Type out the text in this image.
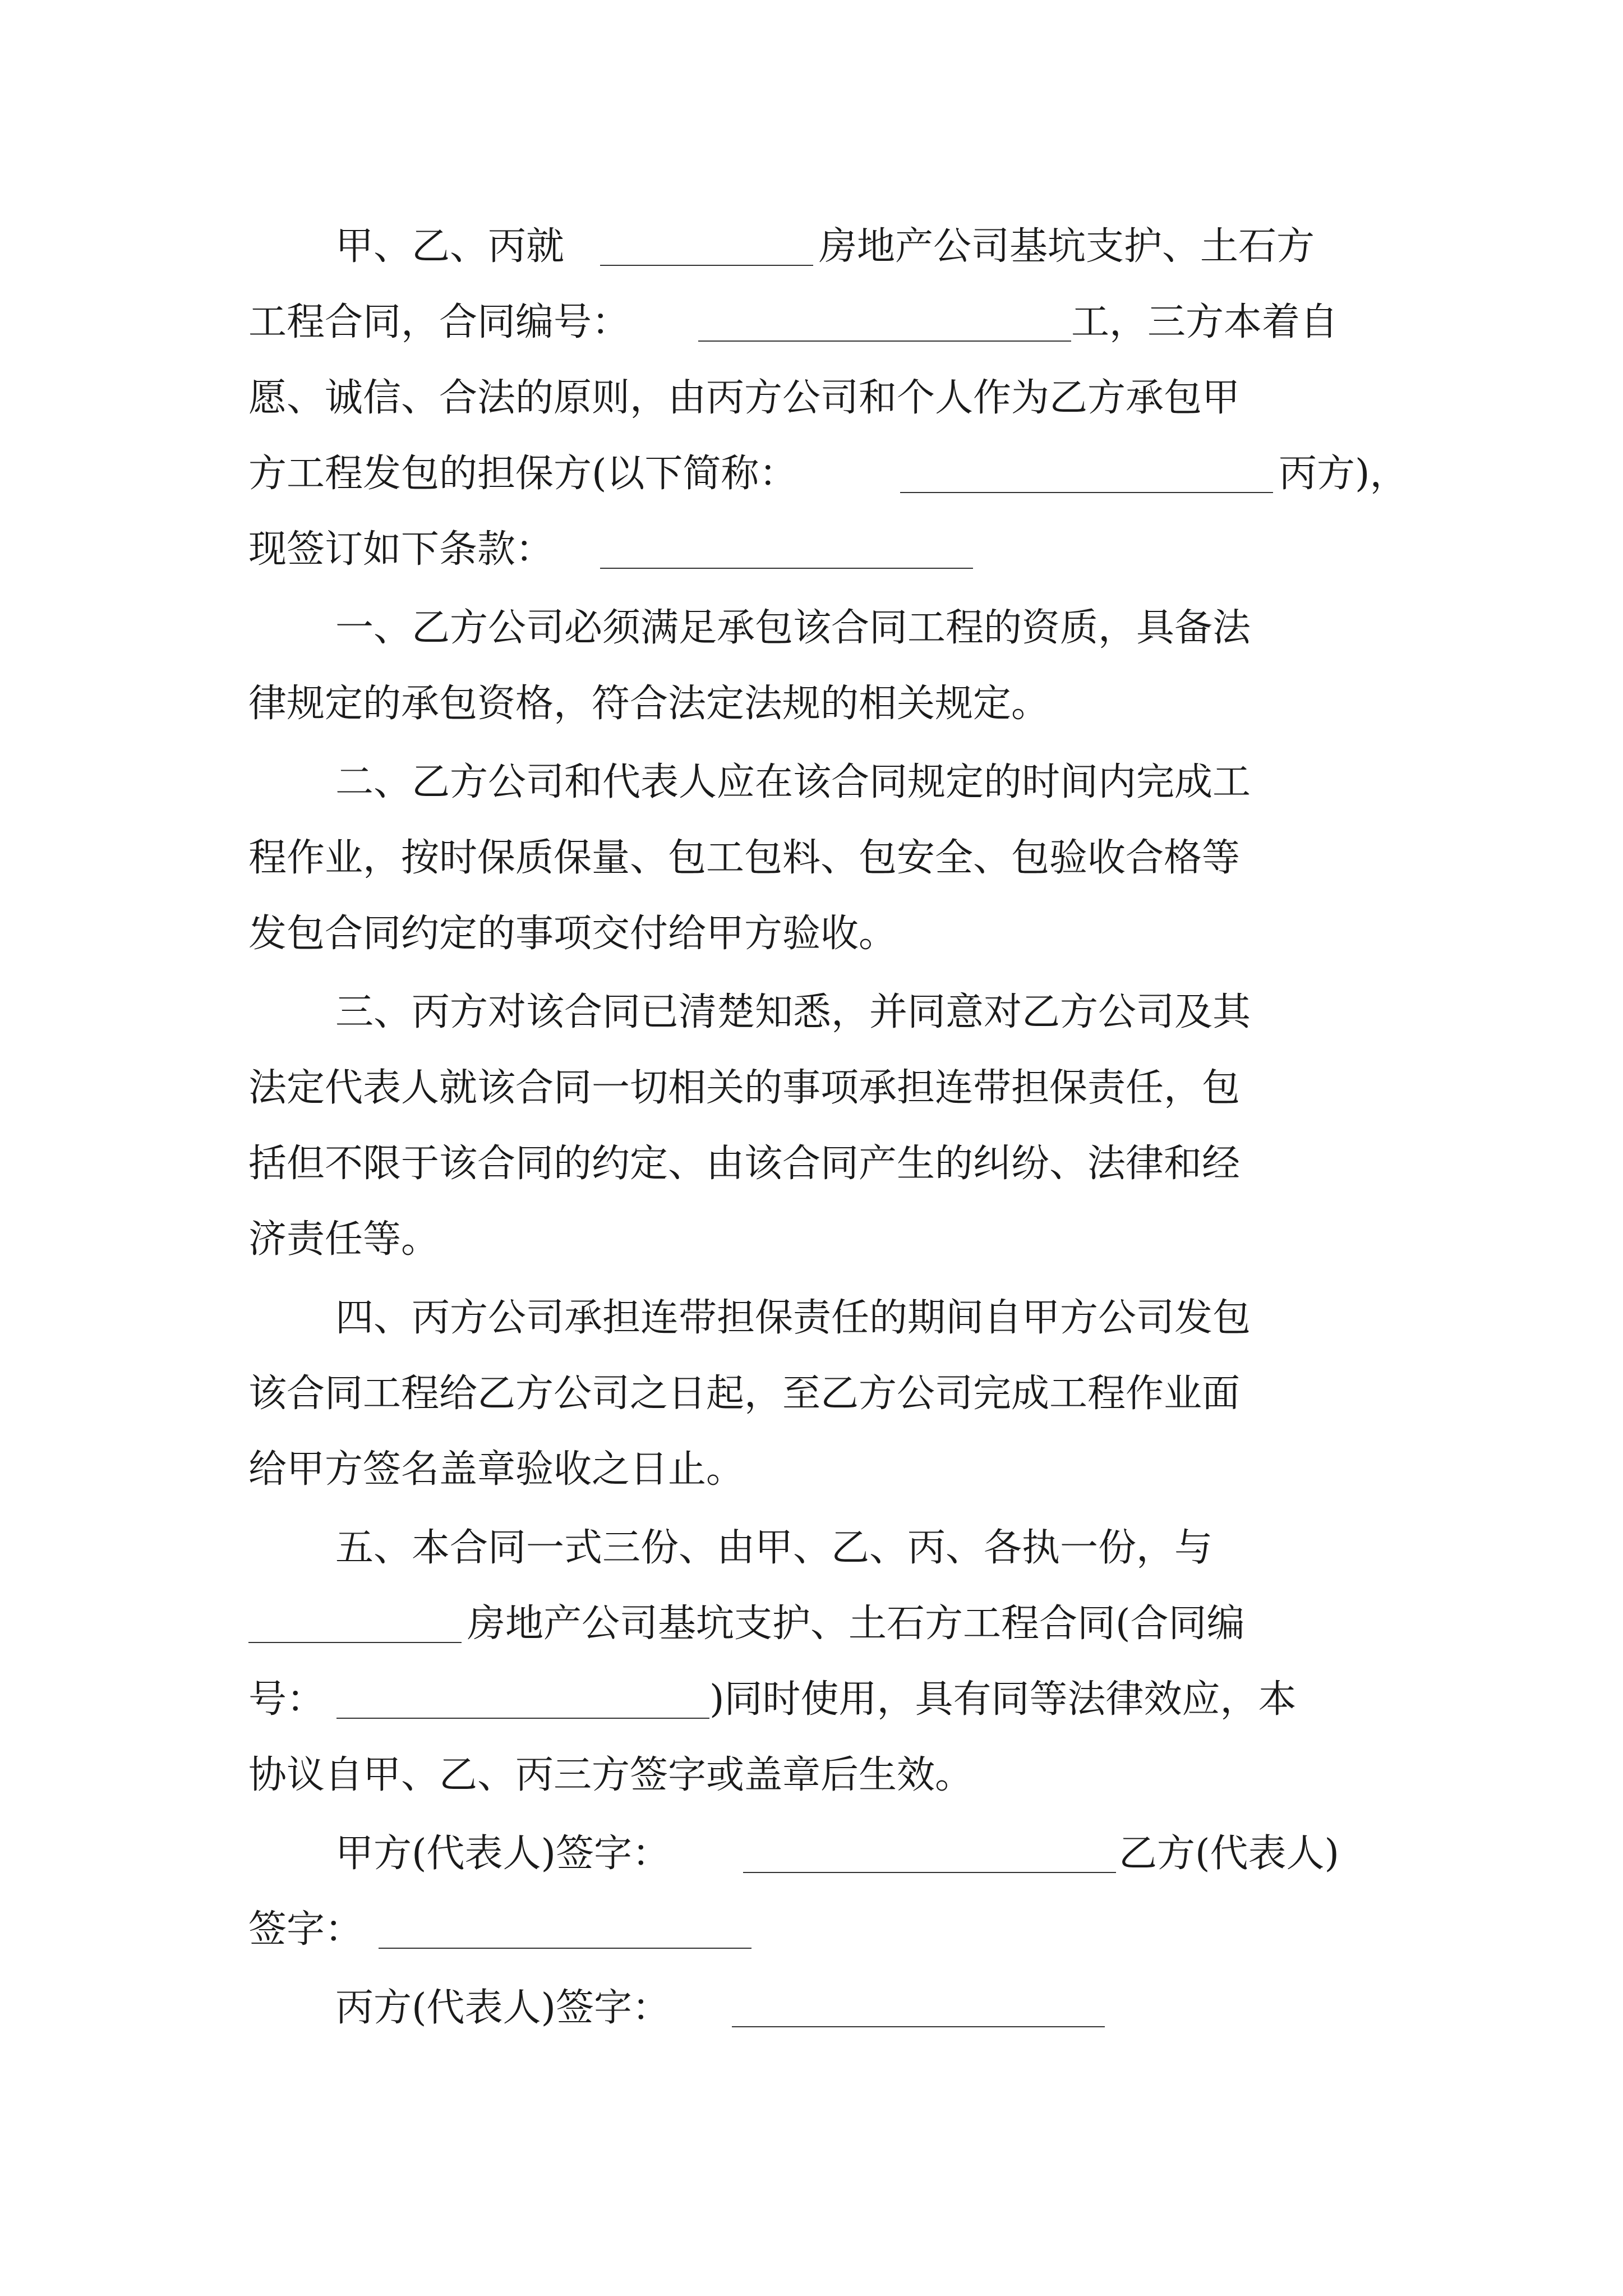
甲、乙、丙就	房地产公司基坑支护、土石方
工程合同，合同编号：	工，三方本着自
愿、诚信、合法的原则，由丙方公司和个人作为乙方承包甲
方工程发包的担保方(以下简称：	丙方)，
现签订如下条款：
一、乙方公司必须满足承包该合同工程的资质，具备法
律规定的承包资格，符合法定法规的相关规定。
二、乙方公司和代表人应在该合同规定的时间内完成工
程作业，按时保质保量、包工包料、包安全、包验收合格等
发包合同约定的事项交付给甲方验收。
三、丙方对该合同已清楚知悉，并同意对乙方公司及其
法定代表人就该合同一切相关的事项承担连带担保责任，包
括但不限于该合同的约定、由该合同产生的纠纷、法律和经
济责任等。
四、丙方公司承担连带担保责任的期间自甲方公司发包
该合同工程给乙方公司之日起，至乙方公司完成工程作业面
给甲方签名盖章验收之日止。
五、本合同一式三份、由甲、乙、丙、各执一份，与
房地产公司基坑支护、土石方工程合同(合同编
号：	)同时使用，具有同等法律效应，本
协议自甲、乙、丙三方签字或盖章后生效。
甲方(代表人)签字：	乙方(代表人)
签字：
丙方(代表人)签字：
